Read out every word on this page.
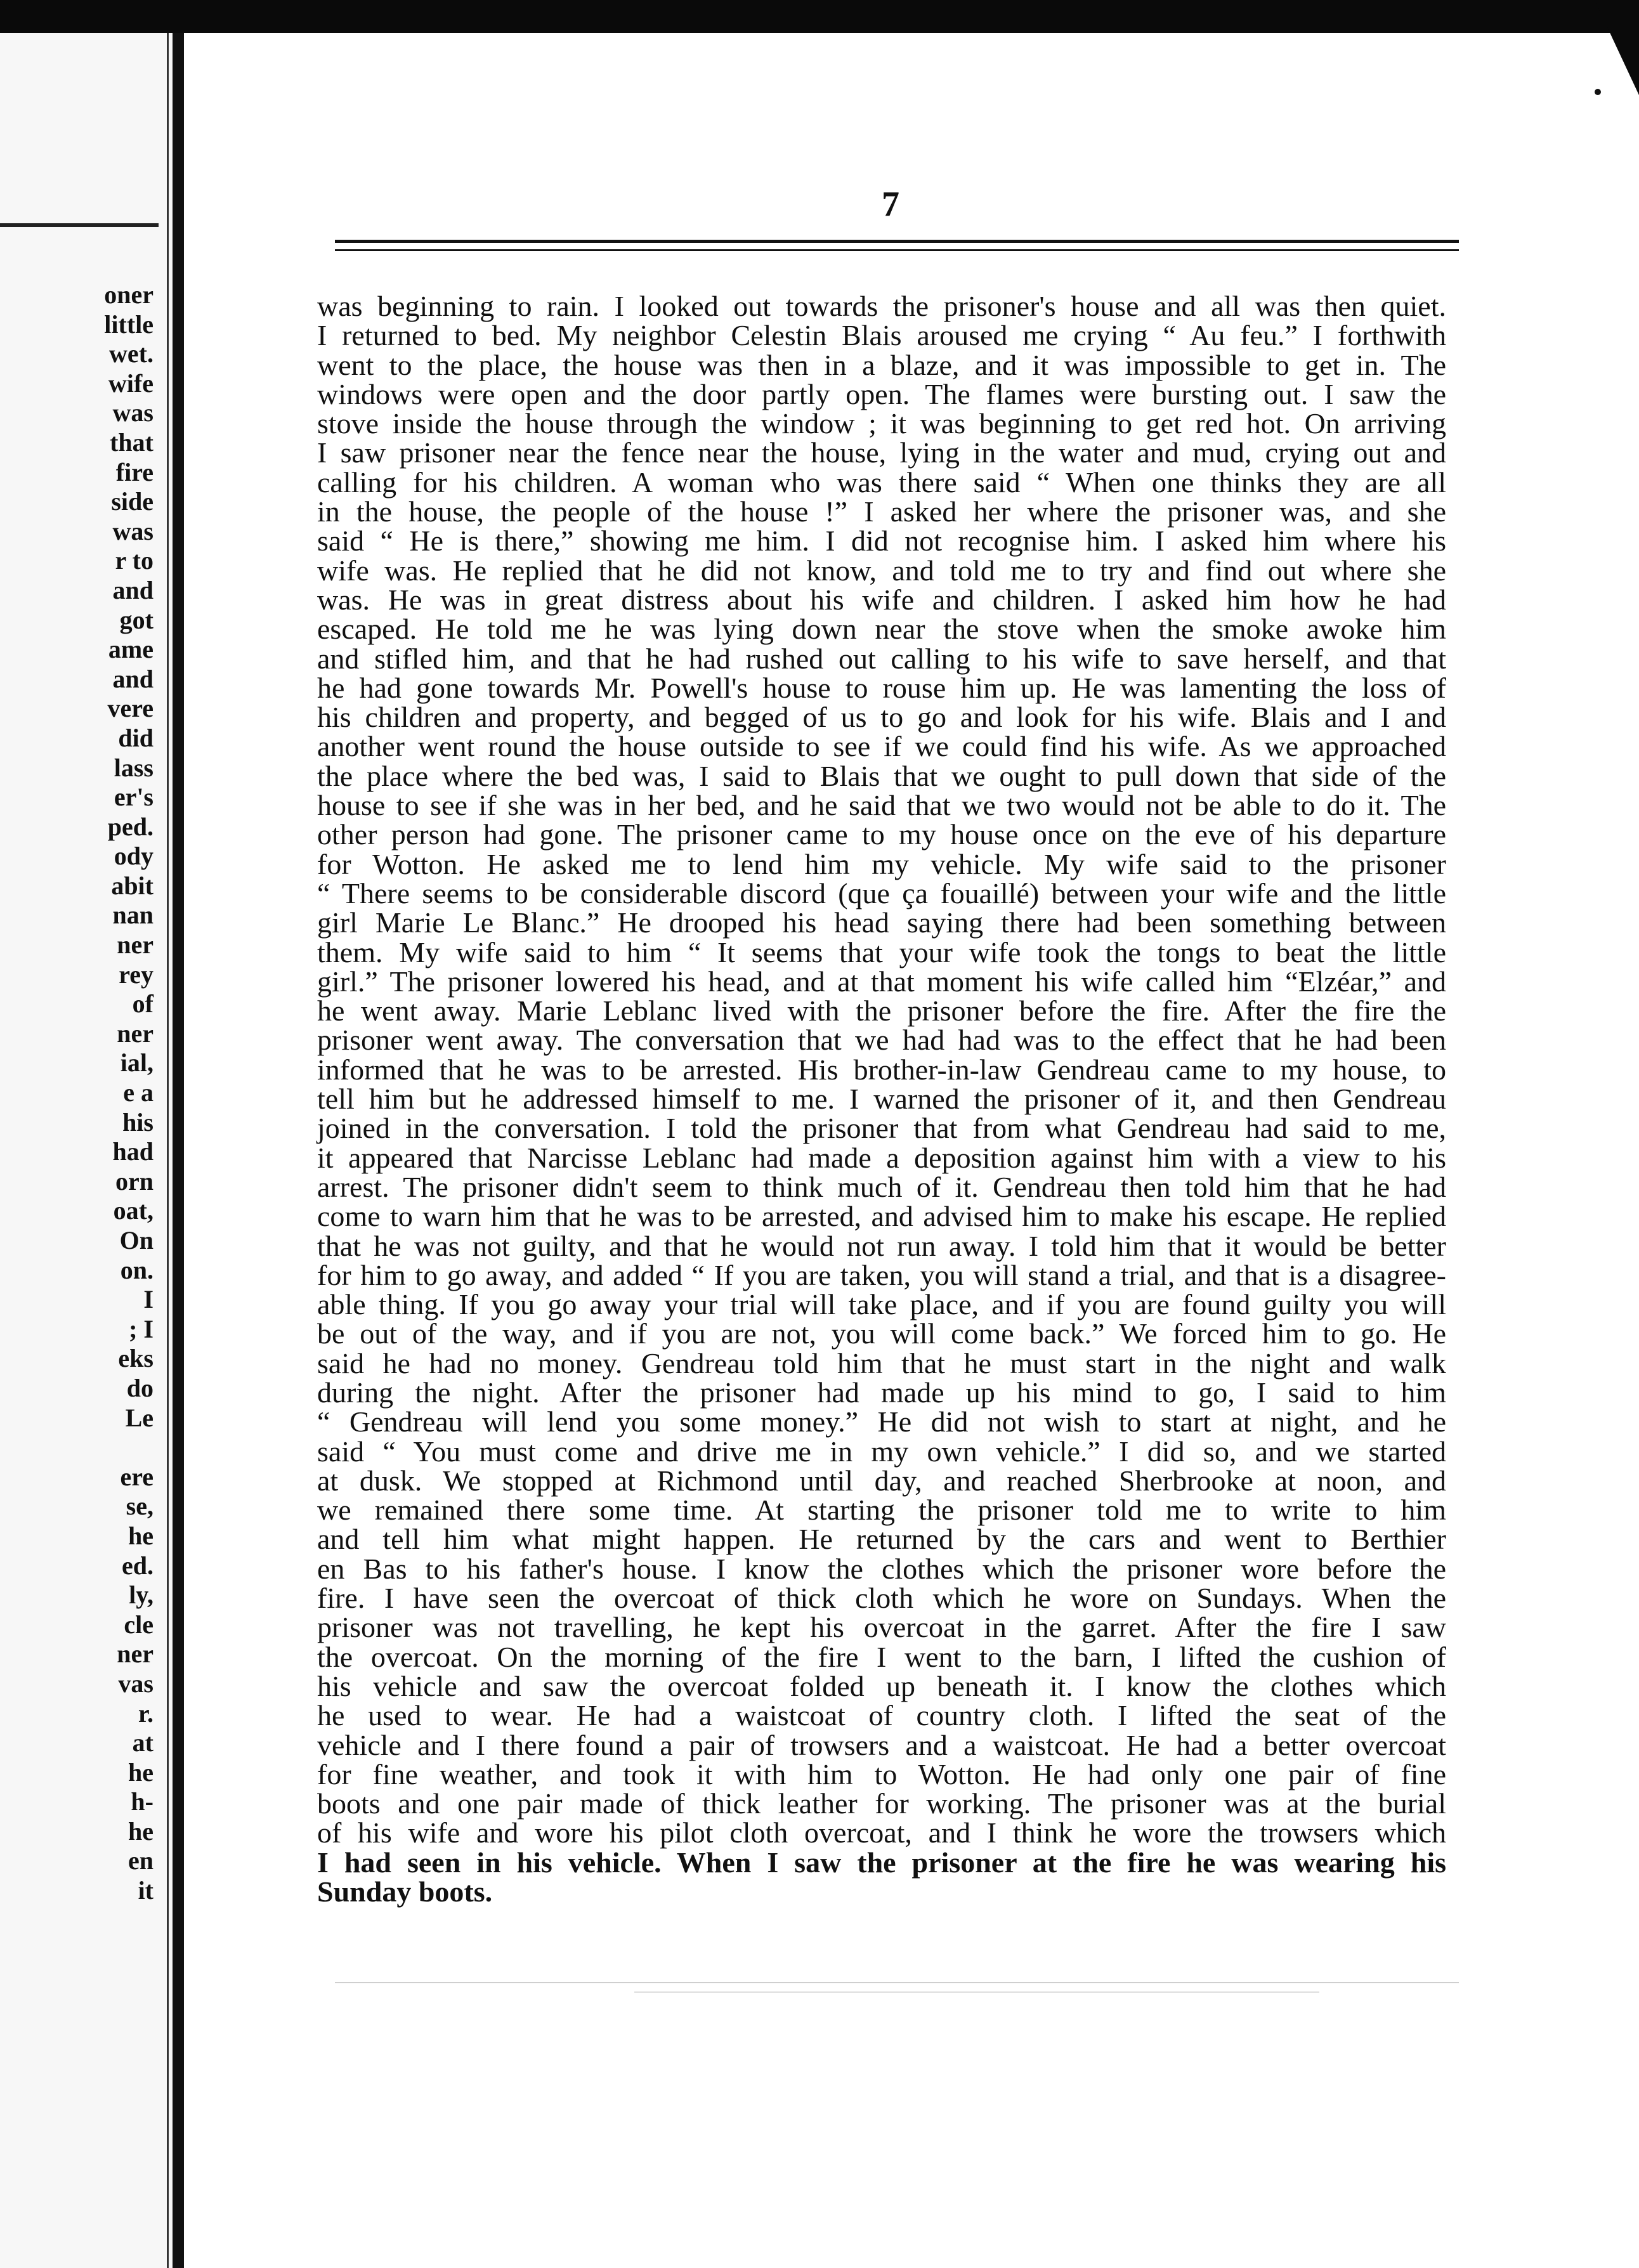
oner
little
wet.
wife
was
that
fire
side
was
r to
and
got
ame
and
vere
did
lass
er's
ped.
ody
abit
nan
ner
rey
of
ner
ial,
e a
his
had
orn
oat,
On
on.
I
; I
eks
do
Le
ere
se,
he
ed.
ly,
cle
ner
vas
r.
at
he
h-
he
en
it
7
was beginning to rain. I looked out towards the prisoner's house and all was then quiet.
I returned to bed. My neighbor Celestin Blais aroused me crying “ Au feu.” I forthwith
went to the place, the house was then in a blaze, and it was impossible to get in. The
windows were open and the door partly open. The flames were bursting out. I saw the
stove inside the house through the window ; it was beginning to get red hot. On arriving
I saw prisoner near the fence near the house, lying in the water and mud, crying out and
calling for his children. A woman who was there said “ When one thinks they are all
in the house, the people of the house !” I asked her where the prisoner was, and she
said “ He is there,” showing me him. I did not recognise him. I asked him where his
wife was. He replied that he did not know, and told me to try and find out where she
was. He was in great distress about his wife and children. I asked him how he had
escaped. He told me he was lying down near the stove when the smoke awoke him
and stifled him, and that he had rushed out calling to his wife to save herself, and that
he had gone towards Mr. Powell's house to rouse him up. He was lamenting the loss of
his children and property, and begged of us to go and look for his wife. Blais and I and
another went round the house outside to see if we could find his wife. As we approached
the place where the bed was, I said to Blais that we ought to pull down that side of the
house to see if she was in her bed, and he said that we two would not be able to do it. The
other person had gone. The prisoner came to my house once on the eve of his departure
for Wotton. He asked me to lend him my vehicle. My wife said to the prisoner
“ There seems to be considerable discord (que ça fouaillé) between your wife and the little
girl Marie Le Blanc.” He drooped his head saying there had been something between
them. My wife said to him “ It seems that your wife took the tongs to beat the little
girl.” The prisoner lowered his head, and at that moment his wife called him “Elzéar,” and
he went away. Marie Leblanc lived with the prisoner before the fire. After the fire the
prisoner went away. The conversation that we had had was to the effect that he had been
informed that he was to be arrested. His brother-in-law Gendreau came to my house, to
tell him but he addressed himself to me. I warned the prisoner of it, and then Gendreau
joined in the conversation. I told the prisoner that from what Gendreau had said to me,
it appeared that Narcisse Leblanc had made a deposition against him with a view to his
arrest. The prisoner didn't seem to think much of it. Gendreau then told him that he had
come to warn him that he was to be arrested, and advised him to make his escape. He replied
that he was not guilty, and that he would not run away. I told him that it would be better
for him to go away, and added “ If you are taken, you will stand a trial, and that is a disagree-
able thing. If you go away your trial will take place, and if you are found guilty you will
be out of the way, and if you are not, you will come back.” We forced him to go. He
said he had no money. Gendreau told him that he must start in the night and walk
during the night. After the prisoner had made up his mind to go, I said to him
“ Gendreau will lend you some money.” He did not wish to start at night, and he
said “ You must come and drive me in my own vehicle.” I did so, and we started
at dusk. We stopped at Richmond until day, and reached Sherbrooke at noon, and
we remained there some time. At starting the prisoner told me to write to him
and tell him what might happen. He returned by the cars and went to Berthier
en Bas to his father's house. I know the clothes which the prisoner wore before the
fire. I have seen the overcoat of thick cloth which he wore on Sundays. When the
prisoner was not travelling, he kept his overcoat in the garret. After the fire I saw
the overcoat. On the morning of the fire I went to the barn, I lifted the cushion of
his vehicle and saw the overcoat folded up beneath it. I know the clothes which
he used to wear. He had a waistcoat of country cloth. I lifted the seat of the
vehicle and I there found a pair of trowsers and a waistcoat. He had a better overcoat
for fine weather, and took it with him to Wotton. He had only one pair of fine
boots and one pair made of thick leather for working. The prisoner was at the burial
of his wife and wore his pilot cloth overcoat, and I think he wore the trowsers which
I had seen in his vehicle. When I saw the prisoner at the fire he was wearing his
Sunday boots.
